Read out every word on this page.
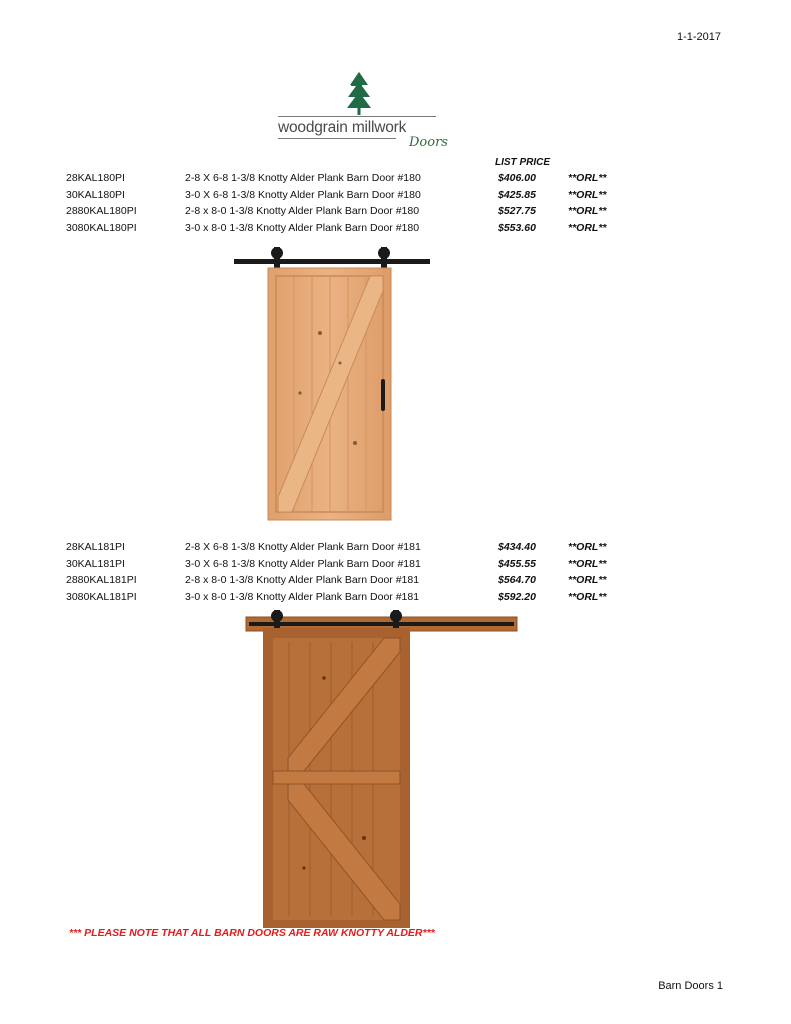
1-1-2017
woodgrain millwork
Doors
LIST PRICE
28KAL180PI	2-8 X 6-8 1-3/8 Knotty Alder Plank Barn Door #180	$406.00	**ORL**
30KAL180PI	3-0 X 6-8 1-3/8 Knotty Alder Plank Barn Door #180	$425.85	**ORL**
2880KAL180PI	2-8 x 8-0 1-3/8 Knotty Alder Plank Barn Door #180	$527.75	**ORL**
3080KAL180PI	3-0 x 8-0 1-3/8 Knotty Alder Plank Barn Door #180	$553.60	**ORL**
28KAL181PI	2-8 X 6-8 1-3/8 Knotty Alder Plank Barn Door #181	$434.40	**ORL**
30KAL181PI	3-0 X 6-8 1-3/8 Knotty Alder Plank Barn Door #181	$455.55	**ORL**
2880KAL181PI	2-8 x 8-0 1-3/8 Knotty Alder Plank Barn Door #181	$564.70	**ORL**
3080KAL181PI	3-0 x 8-0 1-3/8 Knotty Alder Plank Barn Door #181	$592.20	**ORL**
*** PLEASE NOTE THAT ALL BARN DOORS ARE RAW KNOTTY ALDER***
Barn Doors 1
